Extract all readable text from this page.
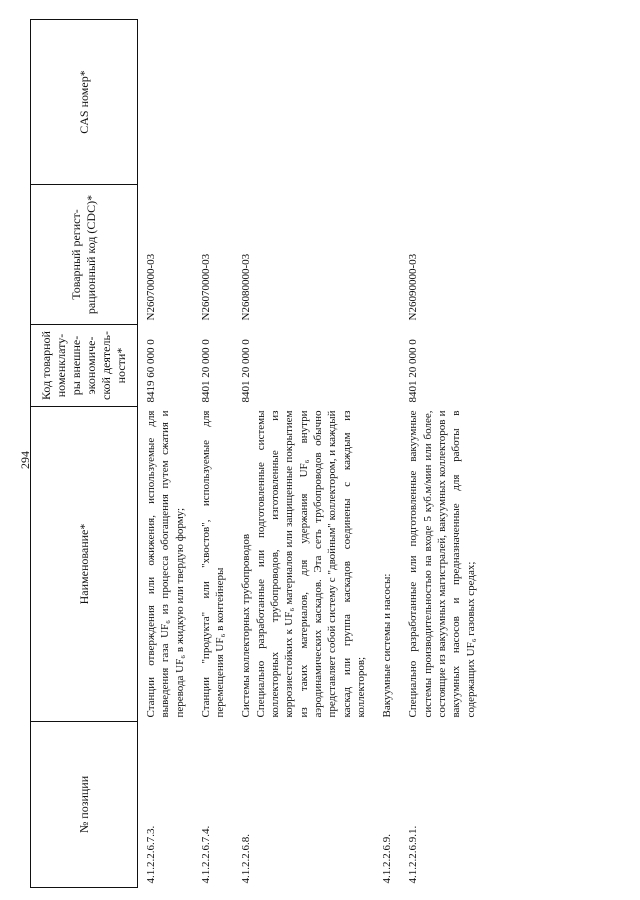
294
№ позиции	Наименование*	Код товарной номенклату-ры внешне-экономиче-ской деятель-ности*	Товарный регист-рационный код (CDC)*	CAS номер*
4.1.2.2.6.7.3.	Станции отверждения или ожижения, используемые для выведения газа UF₆ из процесса обогащения путем сжатия и перевода UF₆ в жидкую или твердую форму;	8419 60 000 0	N26070000-03	
4.1.2.2.6.7.4.	Станции "продукта" или "хвостов", используемые для перемещения UF₆ в контейнеры	8401 20 000 0	N26070000-03	
4.1.2.2.6.8.	Системы коллекторных трубопроводов Специально разработанные или подготовленные системы коллекторных трубопроводов, изготовленные из коррозиестойких к UF₆ материалов или защищенные покрытием из таких материалов, для удержания UF₆ внутри аэродинамических каскадов. Эта сеть трубопроводов обычно представляет собой систему с "двойным" коллектором, и каждый каскад или группа каскадов соединены с каждым из коллекторов;	8401 20 000 0	N26080000-03	
4.1.2.2.6.9.	Вакуумные системы и насосы:			

4.1.2.2.6.9.1.	Специально разработанные или подготовленные вакуумные системы производительностью на входе 5 куб.м/мин или более, состоящие из вакуумных магистралей, вакуумных коллекторов и вакуумных насосов и предназначенные для работы в содержащих UF₆ газовых средах;	8401 20 000 0	N26090000-03	
